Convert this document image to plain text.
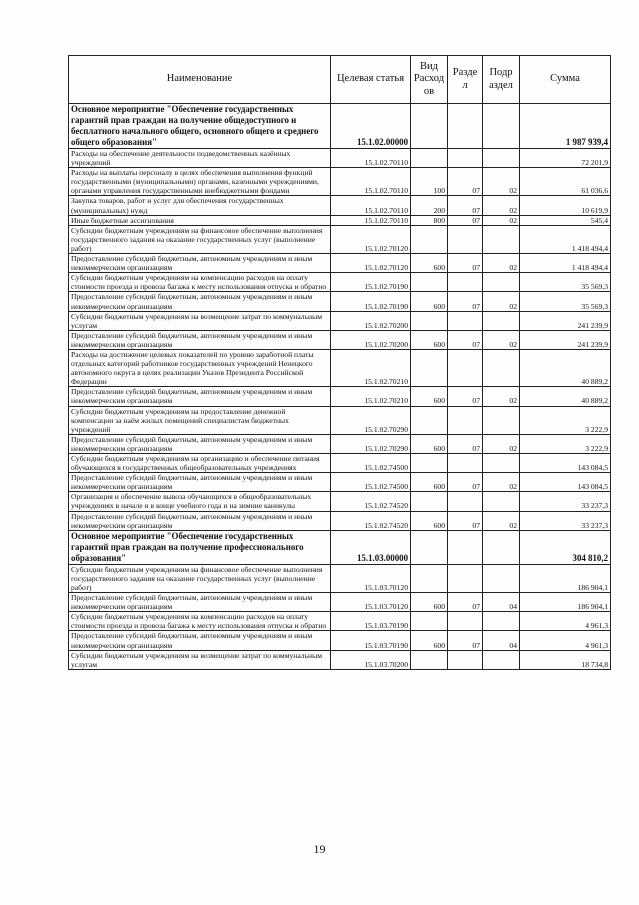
Наименование	Целевая статья	Вид Расход ов	Разде л	Подр аздел	Сумма
Основное мероприятие "Обеспечение государственных гарантий прав граждан на получение общедоступного и бесплатного начального общего, основного общего и среднего общего образования"	15.1.02.00000				1 987 939,4
Расходы на обеспечение деятельности подведомственных казённых учреждений	15.1.02.70110				72 201,9
Расходы на выплаты персоналу в целях обеспечения выполнения функций государственными (муниципальными) органами, казенными учреждениями, органами управления государственными внебюджетными фондами	15.1.02.70110	100	07	02	61 036,6
Закупка товаров, работ и услуг для обеспечения государственных (муниципальных) нужд	15.1.02.70110	200	07	02	10 619,9
Иные бюджетные ассигнования	15.1.02.70110	800	07	02	545,4
Субсидии бюджетным учреждениям на финансовое обеспечение выполнения государственного задания на оказание государственных услуг (выполнение работ)	15.1.02.70120				1 418 494,4
Предоставление субсидий бюджетным, автономным учреждениям и иным некоммерческим организациям	15.1.02.70120	600	07	02	1 418 494,4
Субсидии бюджетным учреждениям на компенсацию расходов на оплату стоимости проезда и провоза багажа к месту использования отпуска и обратно	15.1.02.70190				35 569,3
Предоставление субсидий бюджетным, автономным учреждениям и иным некоммерческим организациям	15.1.02.70190	600	07	02	35 569,3
Субсидии бюджетным учреждениям на возмещение затрат по коммунальным услугам	15.1.02.70200				241 239,9
Предоставление субсидий бюджетным, автономным учреждениям и иным некоммерческим организациям	15.1.02.70200	600	07	02	241 239,9
Расходы на достижение целевых показателей по уровню заработной платы отдельных категорий работников государственных учреждений Ненецкого автономного округа в целях реализации Указов Президента Российской Федерации	15.1.02.70210				40 889,2
Предоставление субсидий бюджетным, автономным учреждениям и иным некоммерческим организациям	15.1.02.70210	600	07	02	40 889,2
Субсидии бюджетным учреждениям на предоставление денежной компенсации за наём жилых помещений специалистам бюджетных учреждений	15.1.02.70290				3 222,9
Предоставление субсидий бюджетным, автономным учреждениям и иным некоммерческим организациям	15.1.02.70290	600	07	02	3 222,9
Субсидии бюджетным учреждениям на организацию и обеспечение питания обучающихся в государственных общеобразовательных учреждениях	15.1.02.74500				143 084,5
Предоставление субсидий бюджетным, автономным учреждениям и иным некоммерческим организациям	15.1.02.74500	600	07	02	143 084,5
Организация и обеспечение вывоза обучающихся в общеобразовательных учреждениях в начале и в конце учебного года и на зимние каникулы	15.1.02.74520				33 237,3
Предоставление субсидий бюджетным, автономным учреждениям и иным некоммерческим организациям	15.1.02.74520	600	07	02	33 237,3
Основное мероприятие "Обеспечение государственных гарантий прав граждан на получение профессионального образования"	15.1.03.00000				304 810,2
Субсидии бюджетным учреждениям на финансовое обеспечение выполнения государственного задания на оказание государственных услуг (выполнение работ)	15.1.03.70120				186 904,1
Предоставление субсидий бюджетным, автономным учреждениям и иным некоммерческим организациям	15.1.03.70120	600	07	04	186 904,1
Субсидии бюджетным учреждениям на компенсацию расходов на оплату стоимости проезда и провоза багажа к месту использования отпуска и обратно	15.1.03.70190				4 961,3
Предоставление субсидий бюджетным, автономным учреждениям и иным некоммерческим организациям	15.1.03.70190	600	07	04	4 961,3
Субсидии бюджетным учреждениям на возмещение затрат по коммунальным услугам	15.1.03.70200				18 734,8
19
